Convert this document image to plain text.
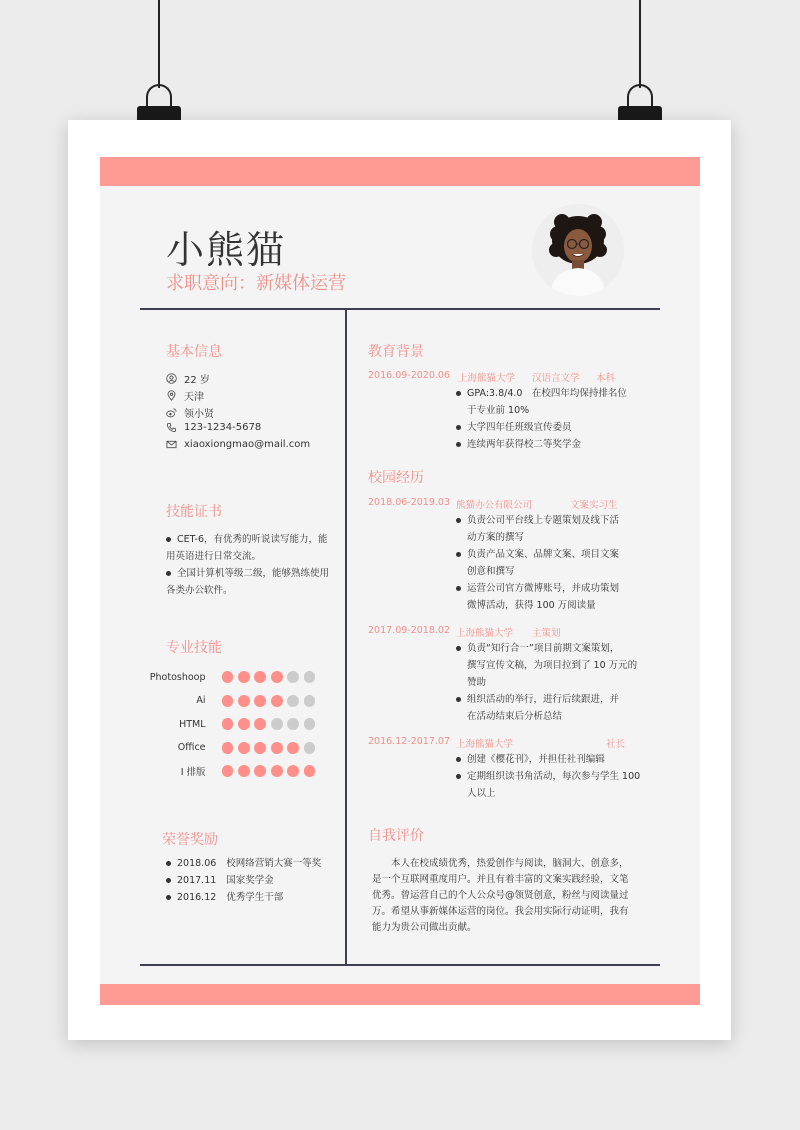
小熊猫
求职意向：新媒体运营
基本信息
22 岁
天津
领小贤
123-1234-5678
xiaoxiongmao@mail.com
技能证书
CET-6，有优秀的听说读写能力，能
用英语进行日常交流。
全国计算机等级二级，能够熟练使用
各类办公软件。
专业技能
Photoshoop
Ai
HTML
Office
I 排版
荣誉奖励
2018.06 校网络营销大赛一等奖
2017.11 国家奖学金
2016.12 优秀学生干部
教育背景
2016.09-2020.06 上海熊猫大学 汉语言文学 本科
GPA:3.8/4.0　在校四年均保持排名位
于专业前 10%
大学四年任班级宣传委员
连续两年获得校二等奖学金
校园经历
2018.06-2019.03 熊猫办公有限公司	文案实习生
负责公司平台线上专题策划及线下活
动方案的撰写
负责产品文案、品牌文案、项目文案
创意和撰写
运营公司官方微博账号，并成功策划
微博活动，获得 100 万阅读量
2017.09-2018.02 上海熊猫大学 主策划
负责“知行合一”项目前期文案策划，
撰写宣传文稿，为项目拉到了 10 万元的
赞助
组织活动的举行，进行后续跟进，并
在活动结束后分析总结
2016.12-2017.07 上海熊猫大学	社长
创建《樱花刊》，并担任社刊编辑
定期组织读书角活动，每次参与学生 100
人以上
自我评价
　　本人在校成绩优秀，热爱创作与阅读，脑洞大、创意多，
是一个互联网重度用户。并且有着丰富的文案实践经验，文笔
优秀。曾运营自己的个人公众号@领贤创意，粉丝与阅读量过
万。希望从事新媒体运营的岗位。我会用实际行动证明，我有
能力为贵公司做出贡献。
